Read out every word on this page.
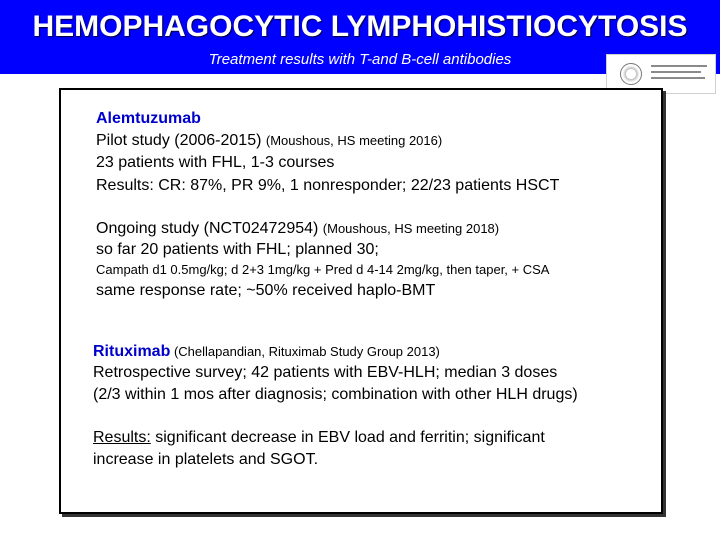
HEMOPHAGOCYTIC LYMPHOHISTIOCYTOSIS
Treatment results with T-and B-cell antibodies
Alemtuzumab
Pilot study (2006-2015) (Moushous, HS meeting 2016)
23 patients with FHL, 1-3 courses
Results: CR: 87%, PR 9%, 1 nonresponder; 22/23 patients HSCT
Ongoing study (NCT02472954) (Moushous, HS meeting 2018)
so far 20 patients with FHL; planned 30;
Campath d1 0.5mg/kg; d 2+3 1mg/kg + Pred d 4-14 2mg/kg, then taper, + CSA
same response rate; ~50% received haplo-BMT
Rituximab (Chellapandian, Rituximab Study Group 2013)
Retrospective survey; 42 patients with EBV-HLH; median 3 doses
(2/3 within 1 mos after diagnosis; combination with other HLH drugs)
Results: significant decrease in EBV load and ferritin; significant
increase in platelets and SGOT.
